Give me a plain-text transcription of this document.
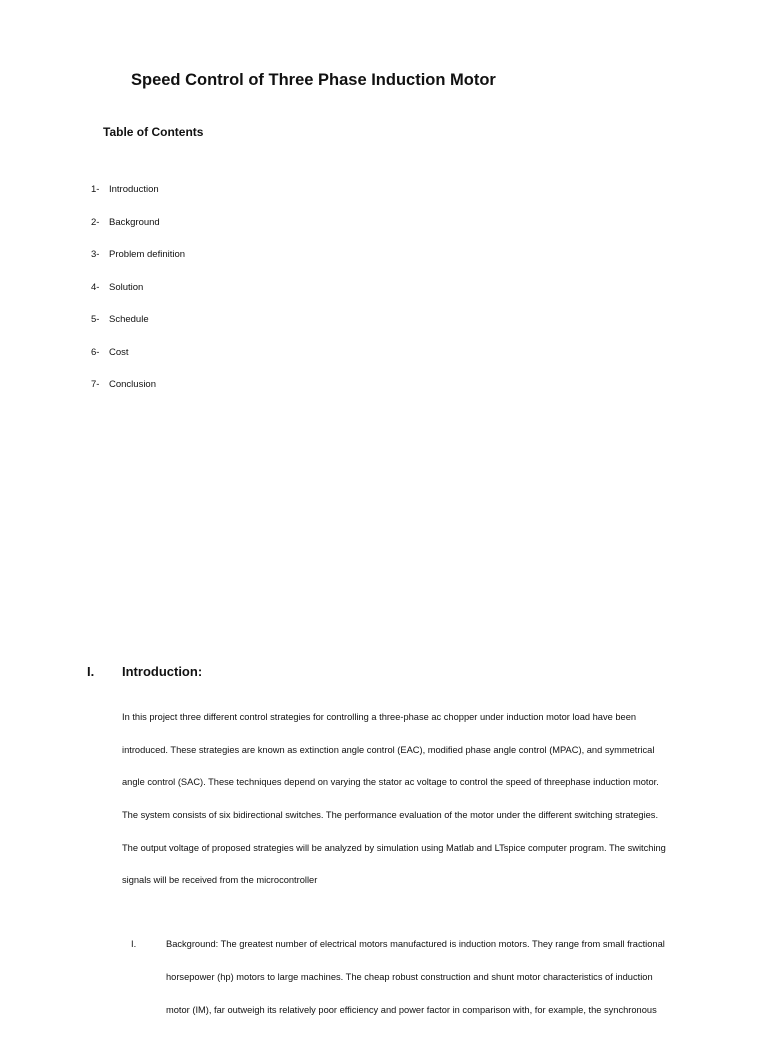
Speed Control of Three Phase Induction Motor
Table of Contents
1- Introduction
2- Background
3- Problem definition
4- Solution
5- Schedule
6- Cost
7- Conclusion
I. Introduction:
In this project three different control strategies for controlling a three-phase ac chopper under induction motor load have been
introduced. These strategies are known as extinction angle control (EAC), modified phase angle control (MPAC), and symmetrical
angle control (SAC). These techniques depend on varying the stator ac voltage to control the speed of threephase induction motor.
The system consists of six bidirectional switches. The performance evaluation of the motor under the different switching strategies.
The output voltage of proposed strategies will be analyzed by simulation using Matlab and LTspice computer program. The switching
signals will be received from the microcontroller
I.	Background: The greatest number of electrical motors manufactured is induction motors. They range from small fractional
horsepower (hp) motors to large machines. The cheap robust construction and shunt motor characteristics of induction
motor (IM), far outweigh its relatively poor efficiency and power factor in comparison with, for example, the synchronous
